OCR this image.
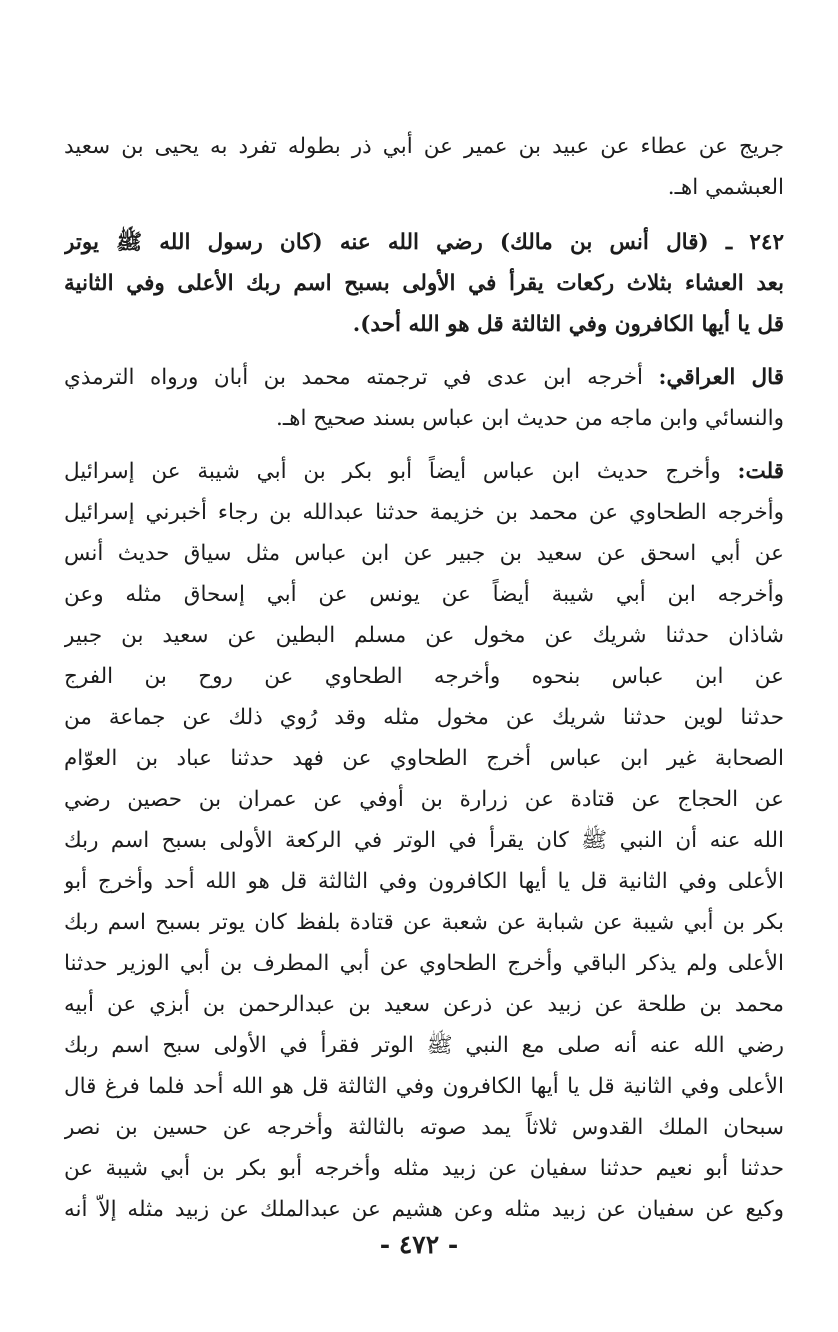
جريج عن عطاء عن عبيد بن عمير عن أبي ذر بطوله تفرد به يحيى بن سعيد
العبشمي اهـ.

٢٤٢ ـ (قال أنس بن مالك) رضي الله عنه (كان رسول الله ﷺ يوتر
بعد العشاء بثلاث ركعات يقرأ في الأولى بسبح اسم ربك الأعلى وفي الثانية
قل يا أيها الكافرون وفي الثالثة قل هو الله أحد).

قال العراقي: أخرجه ابن عدى في ترجمته محمد بن أبان ورواه الترمذي
والنسائي وابن ماجه من حديث ابن عباس بسند صحيح اهـ.

قلت: وأخرج حديث ابن عباس أيضاً أبو بكر بن أبي شيبة عن إسرائيل
وأخرجه الطحاوي عن محمد بن خزيمة حدثنا عبدالله بن رجاء أخبرني إسرائيل
عن أبي اسحق عن سعيد بن جبير عن ابن عباس مثل سياق حديث أنس
وأخرجه ابن أبي شيبة أيضاً عن يونس عن أبي إسحاق مثله وعن
شاذان حدثنا شريك عن مخول عن مسلم البطين عن سعيد بن جبير
عن ابن عباس بنحوه وأخرجه الطحاوي عن روح بن الفرج
حدثنا لوين حدثنا شريك عن مخول مثله وقد رُوي ذلك عن جماعة من
الصحابة غير ابن عباس أخرج الطحاوي عن فهد حدثنا عباد بن العوّام
عن الحجاج عن قتادة عن زرارة بن أوفي عن عمران بن حصين رضي
الله عنه أن النبي ﷺ كان يقرأ في الوتر في الركعة الأولى بسبح اسم ربك
الأعلى وفي الثانية قل يا أيها الكافرون وفي الثالثة قل هو الله أحد وأخرج أبو
بكر بن أبي شيبة عن شبابة عن شعبة عن قتادة بلفظ كان يوتر بسبح اسم ربك
الأعلى ولم يذكر الباقي وأخرج الطحاوي عن أبي المطرف بن أبي الوزير حدثنا
محمد بن طلحة عن زبيد عن ذرعن سعيد بن عبدالرحمن بن أبزي عن أبيه
رضي الله عنه أنه صلى مع النبي ﷺ الوتر فقرأ في الأولى سبح اسم ربك
الأعلى وفي الثانية قل يا أيها الكافرون وفي الثالثة قل هو الله أحد فلما فرغ قال
سبحان الملك القدوس ثلاثاً يمد صوته بالثالثة وأخرجه عن حسين بن نصر
حدثنا أبو نعيم حدثنا سفيان عن زبيد مثله وأخرجه أبو بكر بن أبي شيبة عن
وكيع عن سفيان عن زبيد مثله وعن هشيم عن عبدالملك عن زبيد مثله إلاّ أنه

- ٤٧٢ -
